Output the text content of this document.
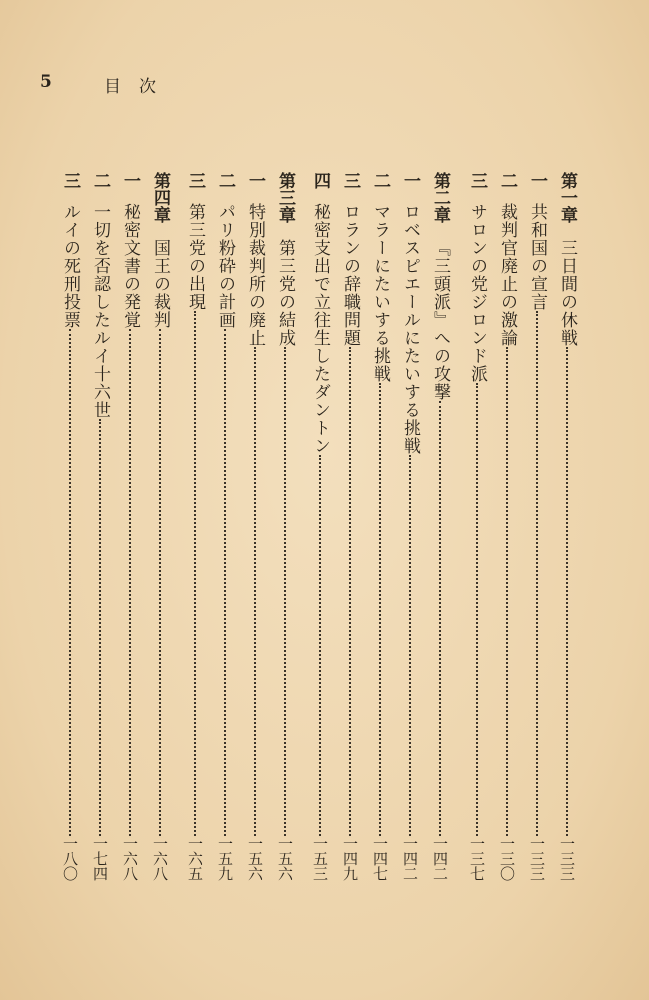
5	目 次
第一章
三日間の休戦
一三三
一
共和国の宣言
一三三
二
裁判官廃止の激論
一三〇
三
サロンの党ジロンド派
一三七
第二章
『三頭派』への攻撃
一四二
一
ロベスピエールにたいする挑戦
一四二
二
マラーにたいする挑戦
一四七
三
ロランの辞職問題
一四九
四
秘密支出で立往生したダントン
一五三
第三章
第三党の結成
一五六
一
特別裁判所の廃止
一五六
二
パリ粉砕の計画
一五九
三
第三党の出現
一六五
第四章
国王の裁判
一六八
一
秘密文書の発覚
一六八
二
一切を否認したルイ十六世
一七四
三
ルイの死刑投票
一八〇
